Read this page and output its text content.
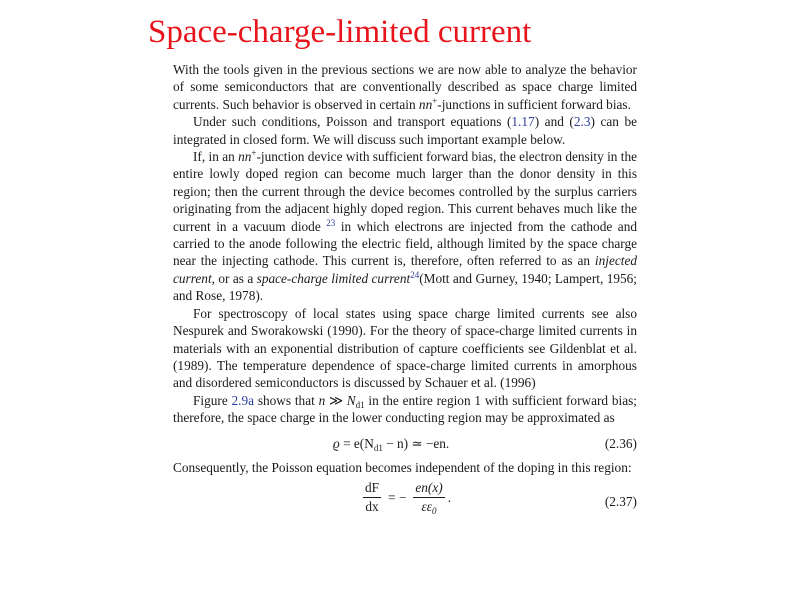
Space-charge-limited current

With the tools given in the previous sections we are now able to analyze the behavior of some semiconductors that are conventionally described as space charge limited currents. Such behavior is observed in certain nn+-junctions in sufficient forward bias.

Under such conditions, Poisson and transport equations (1.17) and (2.3) can be integrated in closed form. We will discuss such important example below.

If, in an nn+-junction device with sufficient forward bias, the electron density in the entire lowly doped region can become much larger than the donor density in this region; then the current through the device becomes controlled by the surplus carriers originating from the adjacent highly doped region. This current behaves much like the current in a vacuum diode $^{23}$ in which electrons are injected from the cathode and carried to the anode following the electric field, although limited by the space charge near the injecting cathode. This current is, therefore, often referred to as an injected current, or as a space-charge limited current$^{24}$(Mott and Gurney, 1940; Lampert, 1956; and Rose, 1978).

For spectroscopy of local states using space charge limited currents see also Nespurek and Sworakowski (1990). For the theory of space-charge limited currents in materials with an exponential distribution of capture coefficients see Gildenblat et al. (1989). The temperature dependence of space-charge limited currents in amorphous and disordered semiconductors is discussed by Schauer et al. (1996)

Figure 2.9a shows that n ≫ $N_{d1}$ in the entire region 1 with sufficient forward bias; therefore, the space charge in the lower conducting region may be approximated as

$ϱ = e(N_{d1} - n)$ ≃ −en.	(2.36)

Consequently, the Poisson equation becomes independent of the doping in this region:

$\frac{dF}{dx}$ = − $\frac{en(x)}{\varepsilon\varepsilon_0}$ .	(2.37)
